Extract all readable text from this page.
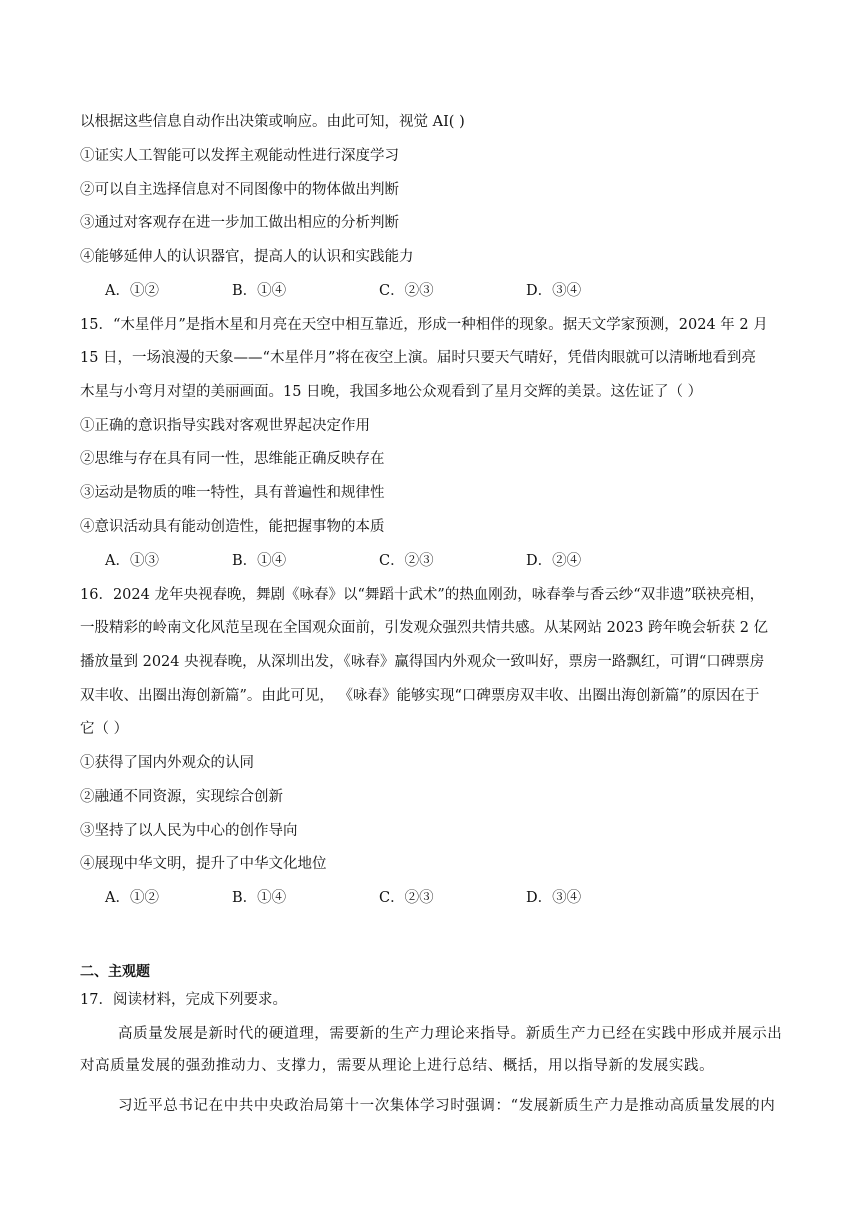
以根据这些信息自动作出决策或响应。由此可知，视觉 AI( )
①证实人工智能可以发挥主观能动性进行深度学习
②可以自主选择信息对不同图像中的物体做出判断
③通过对客观存在进一步加工做出相应的分析判断
④能够延伸人的认识器官，提高人的认识和实践能力
A．①②	B．①④	C．②③	D．③④
15．“木星伴月”是指木星和月亮在天空中相互靠近，形成一种相伴的现象。据天文学家预测，2024 年 2 月
15 日，一场浪漫的天象——“木星伴月”将在夜空上演。届时只要天气晴好，凭借肉眼就可以清晰地看到亮
木星与小弯月对望的美丽画面。15 日晚，我国多地公众观看到了星月交辉的美景。这佐证了（ ）
①正确的意识指导实践对客观世界起决定作用
②思维与存在具有同一性，思维能正确反映存在
③运动是物质的唯一特性，具有普遍性和规律性
④意识活动具有能动创造性，能把握事物的本质
A．①③	B．①④	C．②③	D．②④
16．2024 龙年央视春晚，舞剧《咏春》以“舞蹈十武术”的热血刚劲，咏春拳与香云纱“双非遗”联袂亮相，
一股精彩的岭南文化风范呈现在全国观众面前，引发观众强烈共情共感。从某网站 2023 跨年晚会斩获 2 亿
播放量到 2024 央视春晚，从深圳出发，《咏春》赢得国内外观众一致叫好，票房一路飘红，可谓“口碑票房
双丰收、出圈出海创新篇”。由此可见， 《咏春》能够实现“口碑票房双丰收、出圈出海创新篇”的原因在于
它（ ）
①获得了国内外观众的认同
②融通不同资源，实现综合创新
③坚持了以人民为中心的创作导向
④展现中华文明，提升了中华文化地位
A．①②	B．①④	C．②③	D．③④
二、主观题
17．阅读材料，完成下列要求。
高质量发展是新时代的硬道理，需要新的生产力理论来指导。新质生产力已经在实践中形成并展示出
对高质量发展的强劲推动力、支撑力，需要从理论上进行总结、概括，用以指导新的发展实践。
习近平总书记在中共中央政治局第十一次集体学习时强调：“发展新质生产力是推动高质量发展的内
